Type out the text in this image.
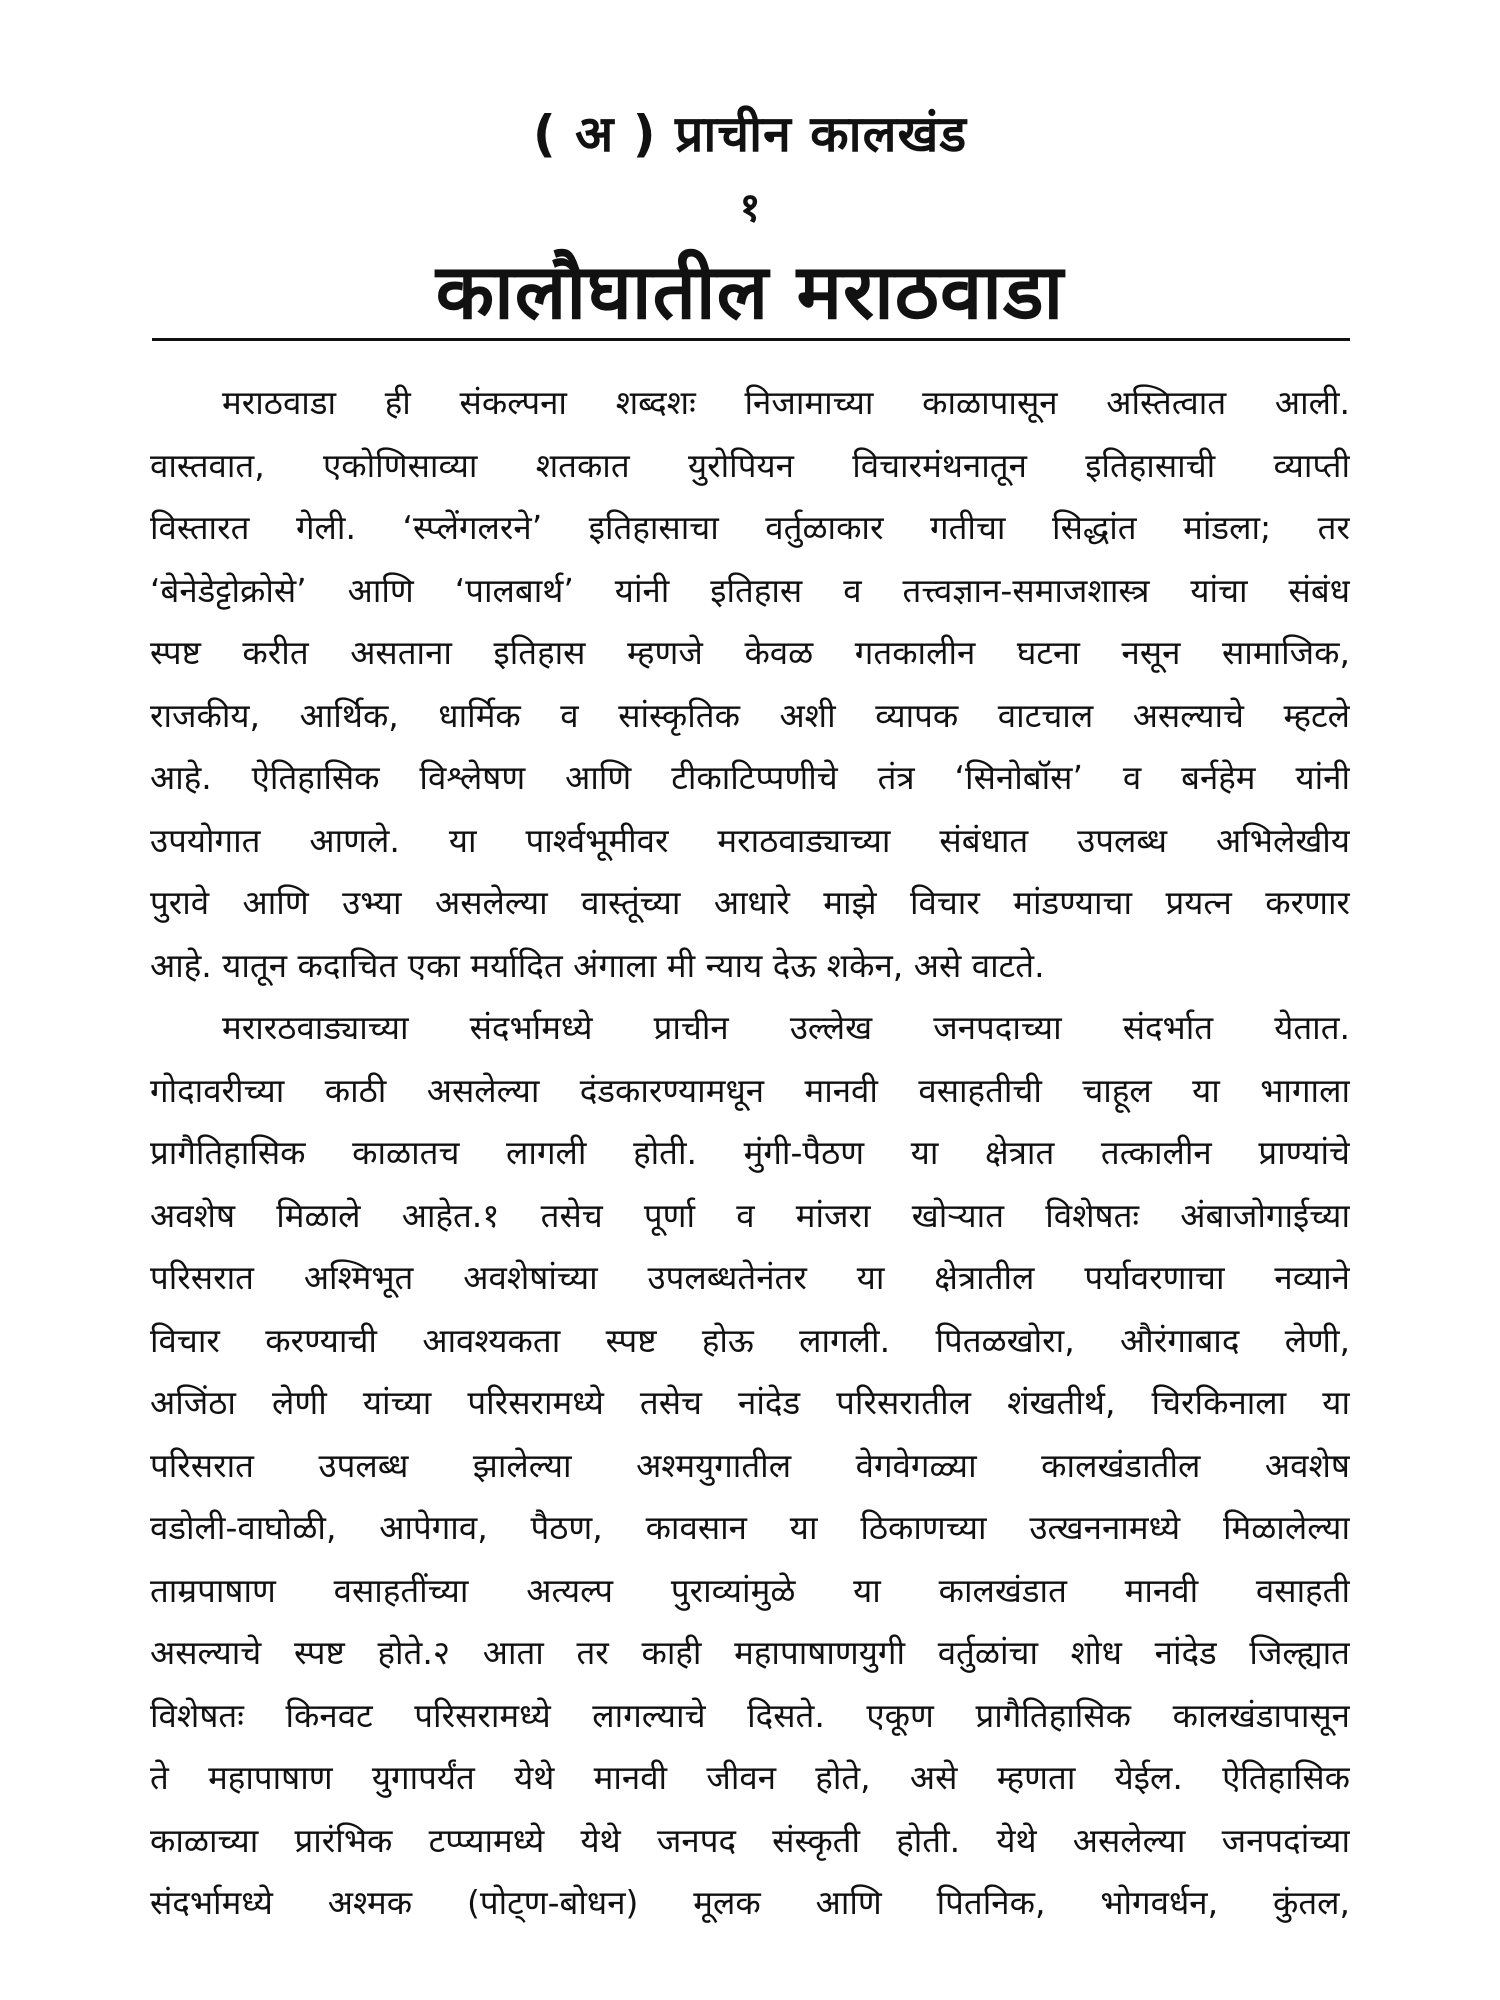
( अ ) प्राचीन कालखंड
१
कालौघातील मराठवाडा
मराठवाडा ही संकल्पना शब्दशः निजामाच्या काळापासून अस्तित्वात आली.
वास्तवात, एकोणिसाव्या शतकात युरोपियन विचारमंथनातून इतिहासाची व्याप्ती
विस्तारत गेली. ‘स्प्लेंगलरने’ इतिहासाचा वर्तुळाकार गतीचा सिद्धांत मांडला; तर
‘बेनेडेट्टोक्रोसे’ आणि ‘पालबार्थ’ यांनी इतिहास व तत्त्वज्ञान-समाजशास्त्र यांचा संबंध
स्पष्ट करीत असताना इतिहास म्हणजे केवळ गतकालीन घटना नसून सामाजिक,
राजकीय, आर्थिक, धार्मिक व सांस्कृतिक अशी व्यापक वाटचाल असल्याचे म्हटले
आहे. ऐतिहासिक विश्लेषण आणि टीकाटिप्पणीचे तंत्र ‘सिनोबॉस’ व बर्नहेम यांनी
उपयोगात आणले. या पार्श्वभूमीवर मराठवाड्याच्या संबंधात उपलब्ध अभिलेखीय
पुरावे आणि उभ्या असलेल्या वास्तूंच्या आधारे माझे विचार मांडण्याचा प्रयत्न करणार
आहे. यातून कदाचित एका मर्यादित अंगाला मी न्याय देऊ शकेन, असे वाटते.
मरारठवाड्याच्या संदर्भामध्ये प्राचीन उल्लेख जनपदाच्या संदर्भात येतात.
गोदावरीच्या काठी असलेल्या दंडकारण्यामधून मानवी वसाहतीची चाहूल या भागाला
प्रागैतिहासिक काळातच लागली होती. मुंगी-पैठण या क्षेत्रात तत्कालीन प्राण्यांचे
अवशेष मिळाले आहेत.१ तसेच पूर्णा व मांजरा खोऱ्यात विशेषतः अंबाजोगाईच्या
परिसरात अश्मिभूत अवशेषांच्या उपलब्धतेनंतर या क्षेत्रातील पर्यावरणाचा नव्याने
विचार करण्याची आवश्यकता स्पष्ट होऊ लागली. पितळखोरा, औरंगाबाद लेणी,
अजिंठा लेणी यांच्या परिसरामध्ये तसेच नांदेड परिसरातील शंखतीर्थ, चिरकिनाला या
परिसरात उपलब्ध झालेल्या अश्मयुगातील वेगवेगळ्या कालखंडातील अवशेष
वडोली-वाघोळी, आपेगाव, पैठण, कावसान या ठिकाणच्या उत्खननामध्ये मिळालेल्या
ताम्रपाषाण वसाहतींच्या अत्यल्प पुराव्यांमुळे या कालखंडात मानवी वसाहती
असल्याचे स्पष्ट होते.२ आता तर काही महापाषाणयुगी वर्तुळांचा शोध नांदेड जिल्ह्यात
विशेषतः किनवट परिसरामध्ये लागल्याचे दिसते. एकूण प्रागैतिहासिक कालखंडापासून
ते महापाषाण युगापर्यंत येथे मानवी जीवन होते, असे म्हणता येईल. ऐतिहासिक
काळाच्या प्रारंभिक टप्प्यामध्ये येथे जनपद संस्कृती होती. येथे असलेल्या जनपदांच्या
संदर्भामध्ये अश्मक (पोट्ण-बोधन) मूलक आणि पितनिक, भोगवर्धन, कुंतल,
